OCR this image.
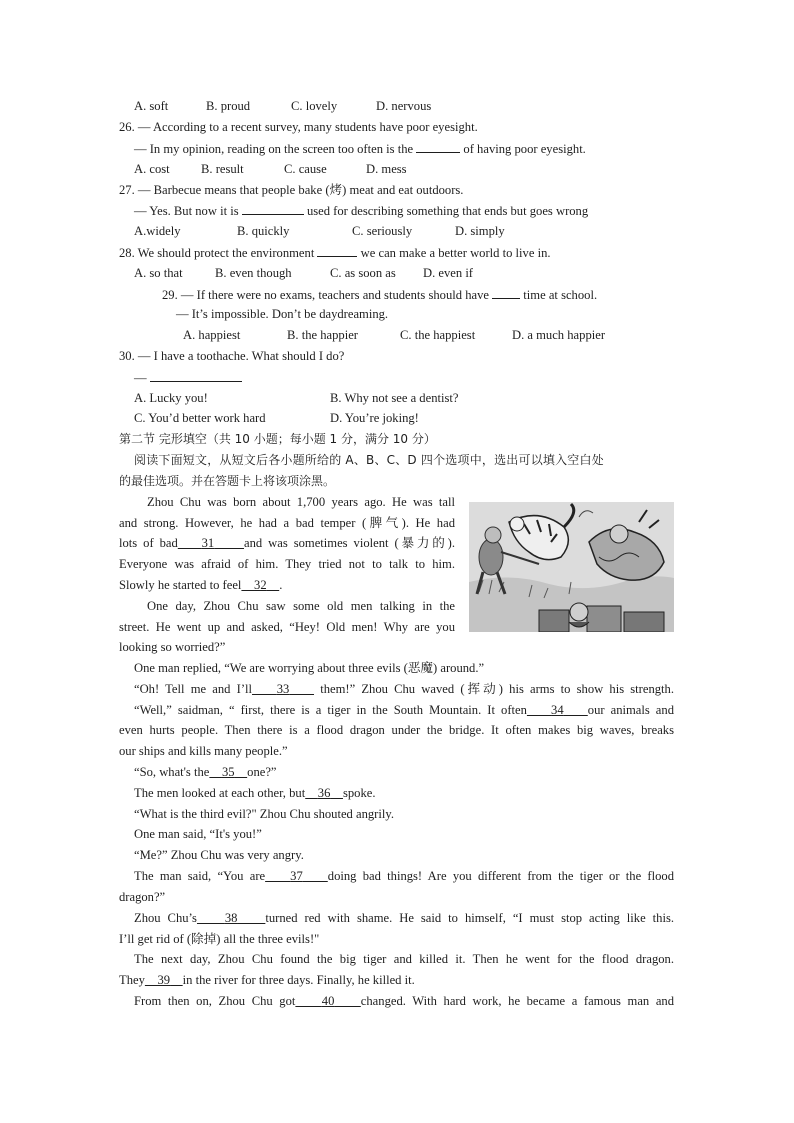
A. soft	B. proud	C. lovely	D. nervous
26. — According to a recent survey, many students have poor eyesight.
— In my opinion, reading on the screen too often is the	of having poor eyesight.
A. cost B. result	C. cause	D. mess
27. — Barbecue means that people bake (烤) meat and eat outdoors.
— Yes. But now it is	used for describing something that ends but goes wrong
A.widely	B. quickly	C. seriously	D. simply
28. We should protect the environment	we can make a better world to live in.
A. so that	B. even though	C. as soon as D. even if
29. — If there were no exams, teachers and students should have	time at school.
— It’s impossible. Don’t be daydreaming.
A. happiest	B. the happier	C. the happiest	D. a much happier
30. — I have a toothache. What should I do?
—
A. Lucky you!	B. Why not see a dentist?
C. You’d better work hard	D. You’re joking!
第二节 完形填空（共 10 小题；每小题 1 分，满分 10 分）
阅读下面短文，从短文后各小题所给的 A、B、C、D 四个选项中，选出可以填入空白处
的最佳选项。并在答题卡上将该项涂黑。
Zhou Chu was born about 1,700 years ago. He was tall
and strong. However, he had a bad temper (脾气). He had
lots of bad 31 and was sometimes violent (暴力的).
Everyone was afraid of him. They tried not to talk to him.
Slowly he started to feel 32 .
One day, Zhou Chu saw some old men talking in the
street. He went up and asked, “Hey! Old men! Why are you
looking so worried?”
One man replied, “We are worrying about three evils (恶魔) around.”
“Oh! Tell me and I’ll 33 them!” Zhou Chu waved (挥动) his arms to show his strength.
“Well,” saidman, “ first, there is a tiger in the South Mountain. It often 34 our animals and
even hurts people. Then there is a flood dragon under the bridge. It often makes big waves, breaks
our ships and kills many people.”
“So, what's the 35 one?”
The men looked at each other, but 36 spoke.
“What is the third evil?" Zhou Chu shouted angrily.
One man said, “It's you!”
“Me?” Zhou Chu was very angry.
The man said, “You are 37 doing bad things! Are you different from the tiger or the flood
dragon?”
Zhou Chu’s 38 turned red with shame. He said to himself, “I must stop acting like this.
I’ll get rid of (除掉) all the three evils!"
The next day, Zhou Chu found the big tiger and killed it. Then he went for the flood dragon.
They 39 in the river for three days. Finally, he killed it.
From then on, Zhou Chu got 40 changed. With hard work, he became a famous man and
